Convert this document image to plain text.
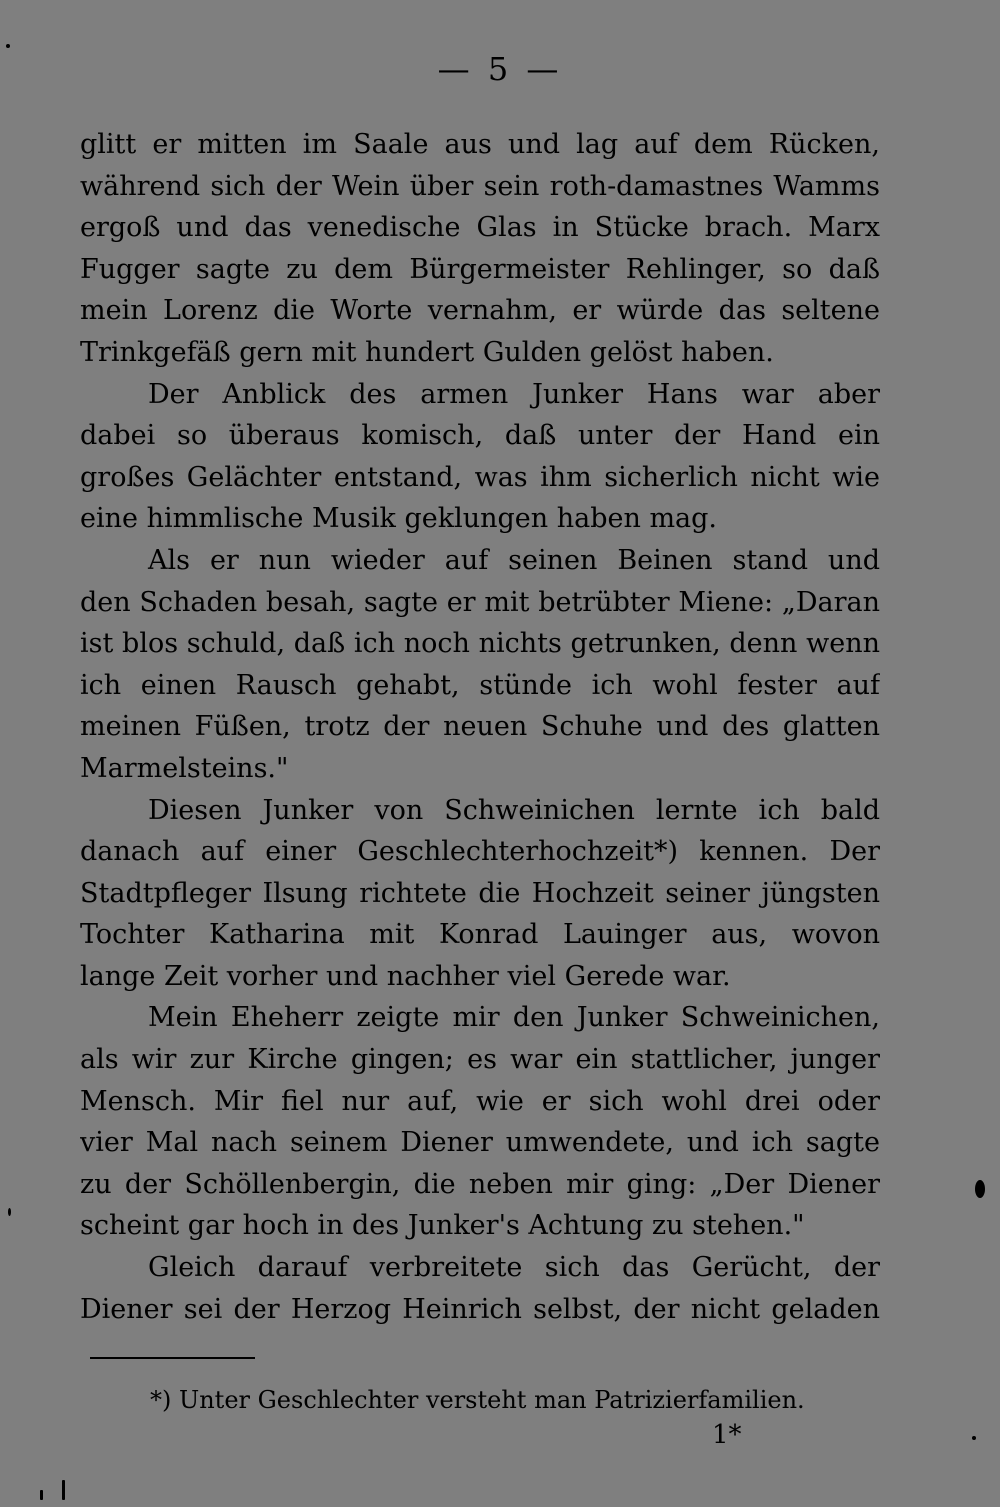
— 5 —
glitt er mitten im Saale aus und lag auf dem Rücken,
während sich der Wein über sein roth-damastnes Wamms
ergoß und das venedische Glas in Stücke brach. Marx
Fugger sagte zu dem Bürgermeister Rehlinger, so daß
mein Lorenz die Worte vernahm, er würde das seltene
Trinkgefäß gern mit hundert Gulden gelöst haben.
Der Anblick des armen Junker Hans war aber
dabei so überaus komisch, daß unter der Hand ein
großes Gelächter entstand, was ihm sicherlich nicht wie
eine himmlische Musik geklungen haben mag.
Als er nun wieder auf seinen Beinen stand und
den Schaden besah, sagte er mit betrübter Miene: „Daran
ist blos schuld, daß ich noch nichts getrunken, denn wenn
ich einen Rausch gehabt, stünde ich wohl fester auf
meinen Füßen, trotz der neuen Schuhe und des glatten
Marmelsteins."
Diesen Junker von Schweinichen lernte ich bald
danach auf einer Geschlechterhochzeit*) kennen. Der
Stadtpfleger Ilsung richtete die Hochzeit seiner jüngsten
Tochter Katharina mit Konrad Lauinger aus, wovon
lange Zeit vorher und nachher viel Gerede war.
Mein Eheherr zeigte mir den Junker Schweinichen,
als wir zur Kirche gingen; es war ein stattlicher, junger
Mensch. Mir fiel nur auf, wie er sich wohl drei oder
vier Mal nach seinem Diener umwendete, und ich sagte
zu der Schöllenbergin, die neben mir ging: „Der Diener
scheint gar hoch in des Junker's Achtung zu stehen."
Gleich darauf verbreitete sich das Gerücht, der
Diener sei der Herzog Heinrich selbst, der nicht geladen
*) Unter Geschlechter versteht man Patrizierfamilien.
1*
